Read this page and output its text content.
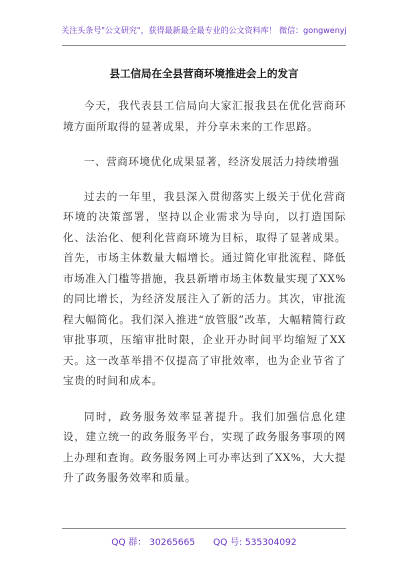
关注头条号"公文研究"，获得最新最全最专业的公文资料库！ 微信：gongwenyj
县工信局在全县营商环境推进会上的发言

今天，我代表县工信局向大家汇报我县在优化营商环境方面所取得的显著成果，并分享未来的工作思路。

一、营商环境优化成果显著，经济发展活力持续增强

过去的一年里，我县深入贯彻落实上级关于优化营商环境的决策部署，坚持以企业需求为导向，以打造国际化、法治化、便利化营商环境为目标，取得了显著成果。首先，市场主体数量大幅增长。通过简化审批流程、降低市场准入门槛等措施，我县新增市场主体数量实现了XX%的同比增长，为经济发展注入了新的活力。其次，审批流程大幅简化。我们深入推进“放管服”改革，大幅精简行政审批事项，压缩审批时限，企业开办时间平均缩短了XX天。这一改革举措不仅提高了审批效率，也为企业节省了宝贵的时间和成本。

同时，政务服务效率显著提升。我们加强信息化建设，建立统一的政务服务平台，实现了政务服务事项的网上办理和查询。政务服务网上可办率达到了XX%，大大提升了政务服务效率和质量。

QQ 群： 30265665 QQ 号: 535304092
